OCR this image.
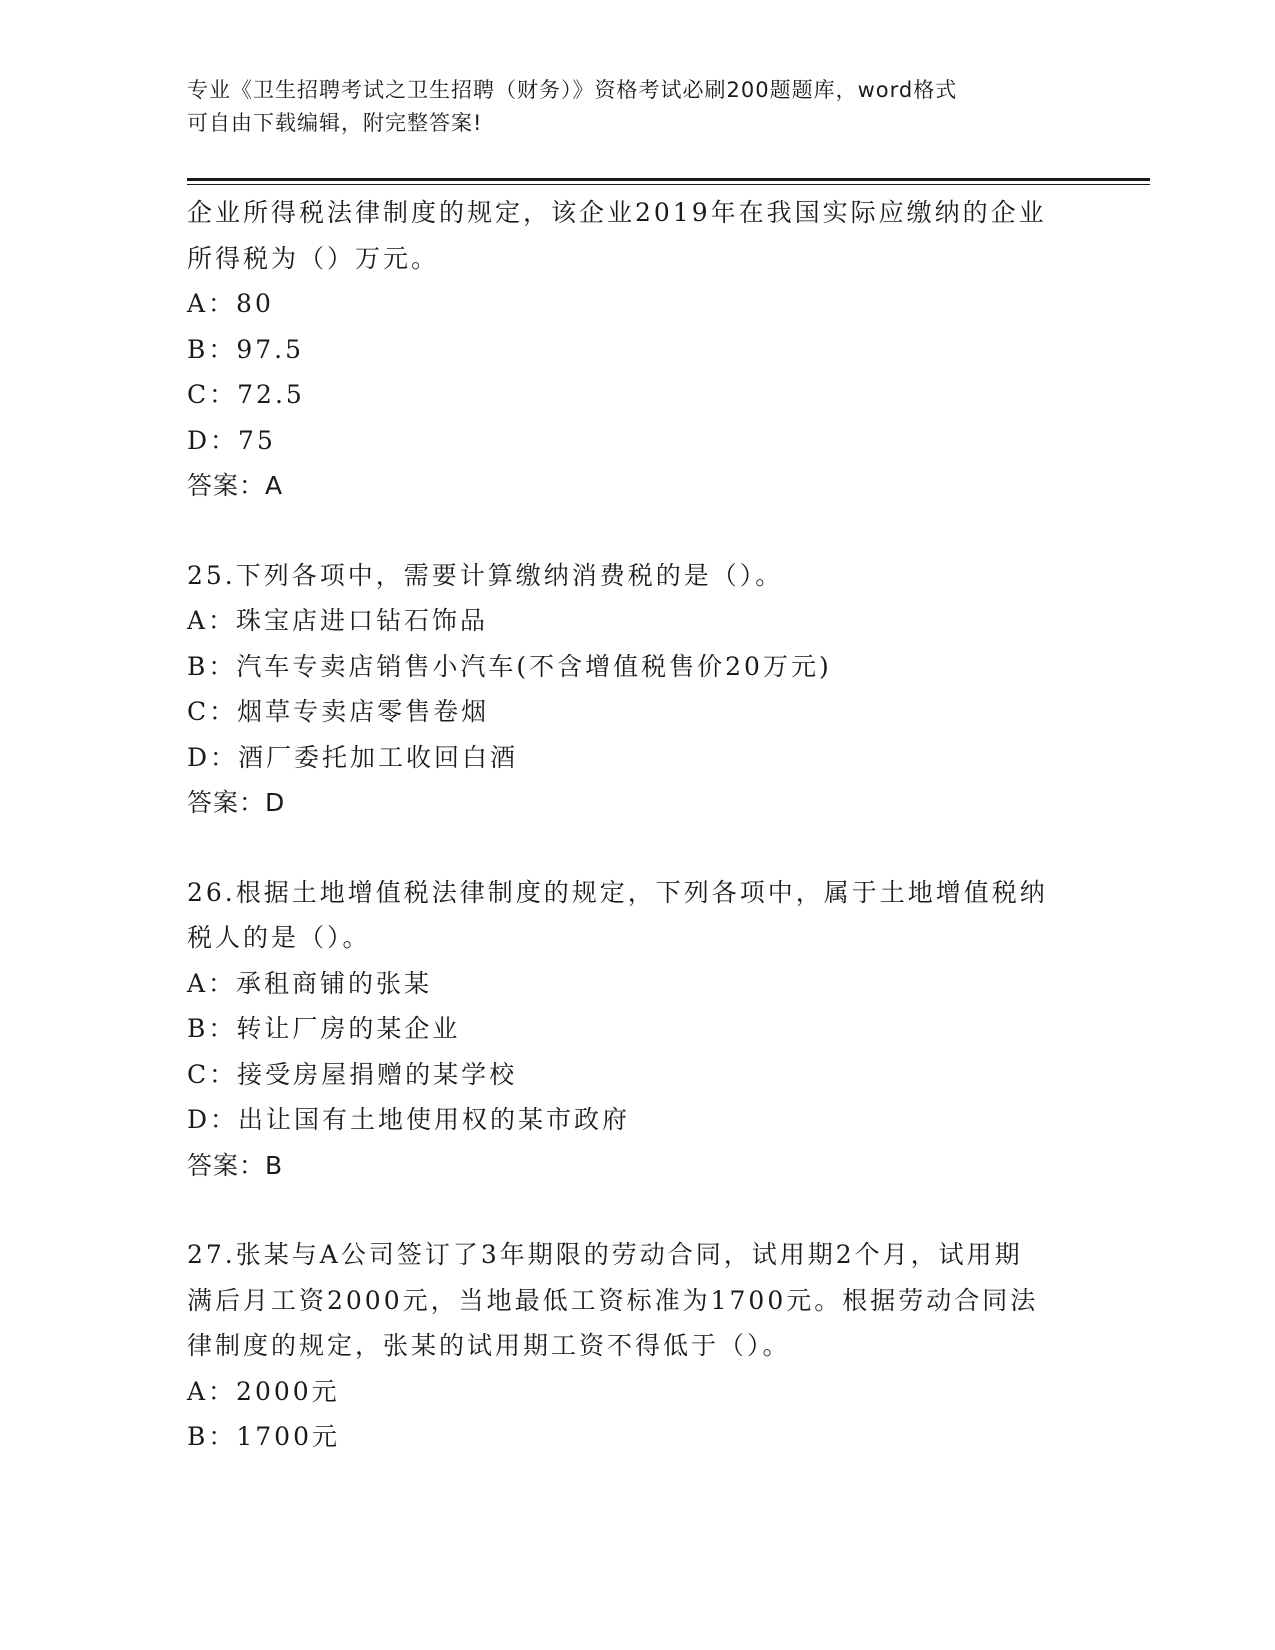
专业《卫生招聘考试之卫生招聘（财务）》资格考试必刷200题题库，word格式
可自由下载编辑，附完整答案!
企业所得税法律制度的规定，该企业2019年在我国实际应缴纳的企业
所得税为（）万元。
A：80
B：97.5
C：72.5
D：75
答案：A
25.下列各项中，需要计算缴纳消费税的是（）。
A：珠宝店进口钻石饰品
B：汽车专卖店销售小汽车(不含增值税售价20万元)
C：烟草专卖店零售卷烟
D：酒厂委托加工收回白酒
答案：D
26.根据土地增值税法律制度的规定，下列各项中，属于土地增值税纳
税人的是（）。
A：承租商铺的张某
B：转让厂房的某企业
C：接受房屋捐赠的某学校
D：出让国有土地使用权的某市政府
答案：B
27.张某与A公司签订了3年期限的劳动合同，试用期2个月，试用期
满后月工资2000元，当地最低工资标准为1700元。根据劳动合同法
律制度的规定，张某的试用期工资不得低于（）。
A：2000元
B：1700元
